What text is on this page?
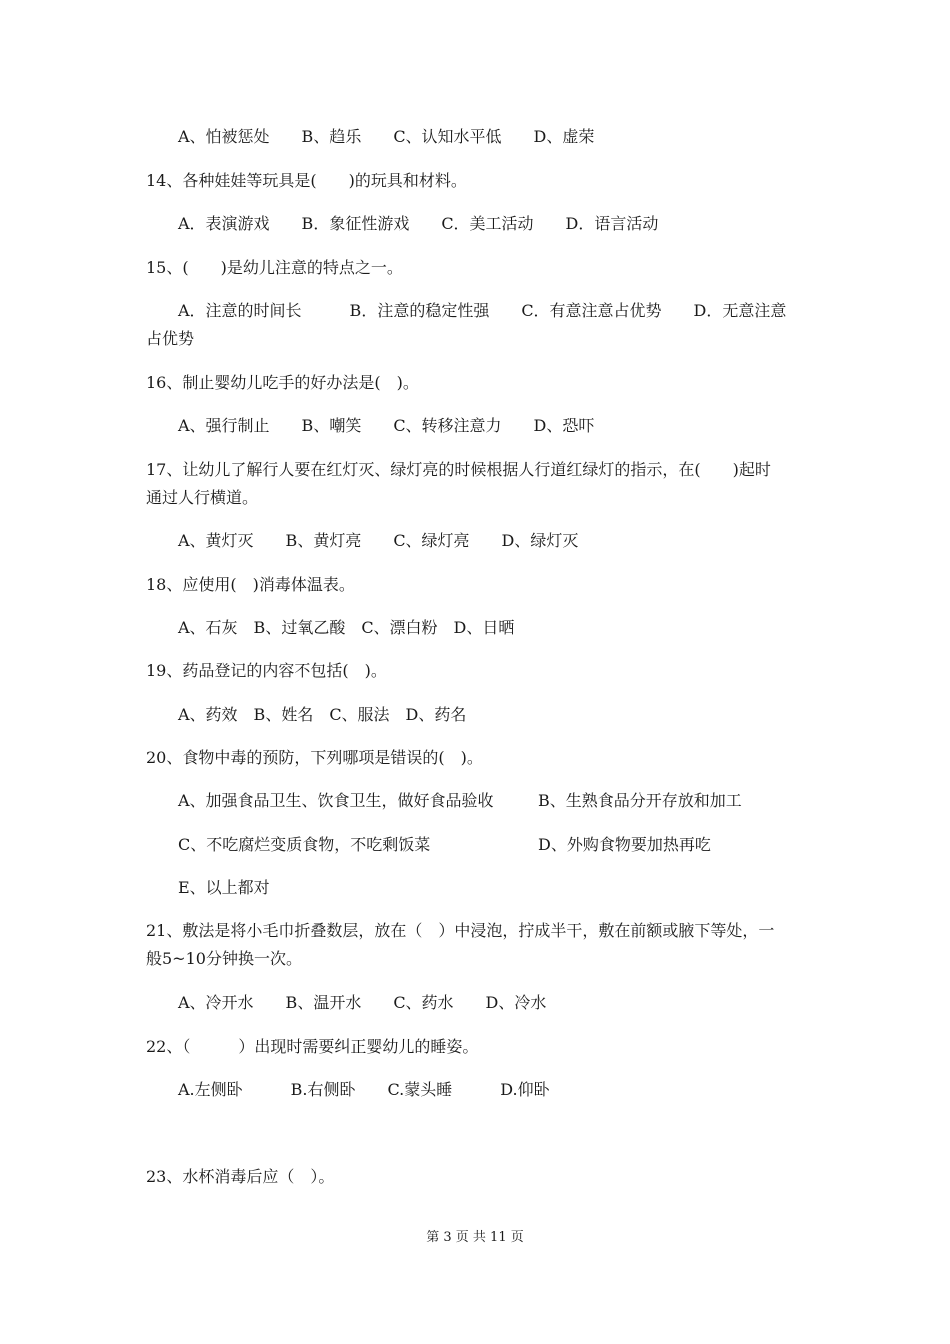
A、怕被惩处　　B、趋乐　　C、认知水平低　　D、虚荣
14、各种娃娃等玩具是(　　)的玩具和材料。
A．表演游戏　　B．象征性游戏　　C．美工活动　　D．语言活动
15、(　　)是幼儿注意的特点之一。
A．注意的时间长　　　B．注意的稳定性强　　C．有意注意占优势　　D．无意注意
占优势
16、制止婴幼儿吃手的好办法是(　)。
A、强行制止　　B、嘲笑　　C、转移注意力　　D、恐吓
17、让幼儿了解行人要在红灯灭、绿灯亮的时候根据人行道红绿灯的指示，在(　　)起时
通过人行横道。
A、黄灯灭　　B、黄灯亮　　C、绿灯亮　　D、绿灯灭
18、应使用(　)消毒体温表。
A、石灰　B、过氧乙酸　C、漂白粉　D、日晒
19、药品登记的内容不包括(　)。
A、药效　B、姓名　C、服法　D、药名
20、食物中毒的预防，下列哪项是错误的(　)。
A、加强食品卫生、饮食卫生，做好食品验收	B、生熟食品分开存放和加工
C、不吃腐烂变质食物，不吃剩饭菜	D、外购食物要加热再吃
E、以上都对
21、敷法是将小毛巾折叠数层，放在（　）中浸泡，拧成半干，敷在前额或腋下等处，一
般5~10分钟换一次。
A、冷开水　　B、温开水　　C、药水　　D、冷水
22、（　　　）出现时需要纠正婴幼儿的睡姿。
A.左侧卧　　　B.右侧卧　　C.蒙头睡　　　D.仰卧
23、水杯消毒后应（　）。
第 3 页 共 11 页
